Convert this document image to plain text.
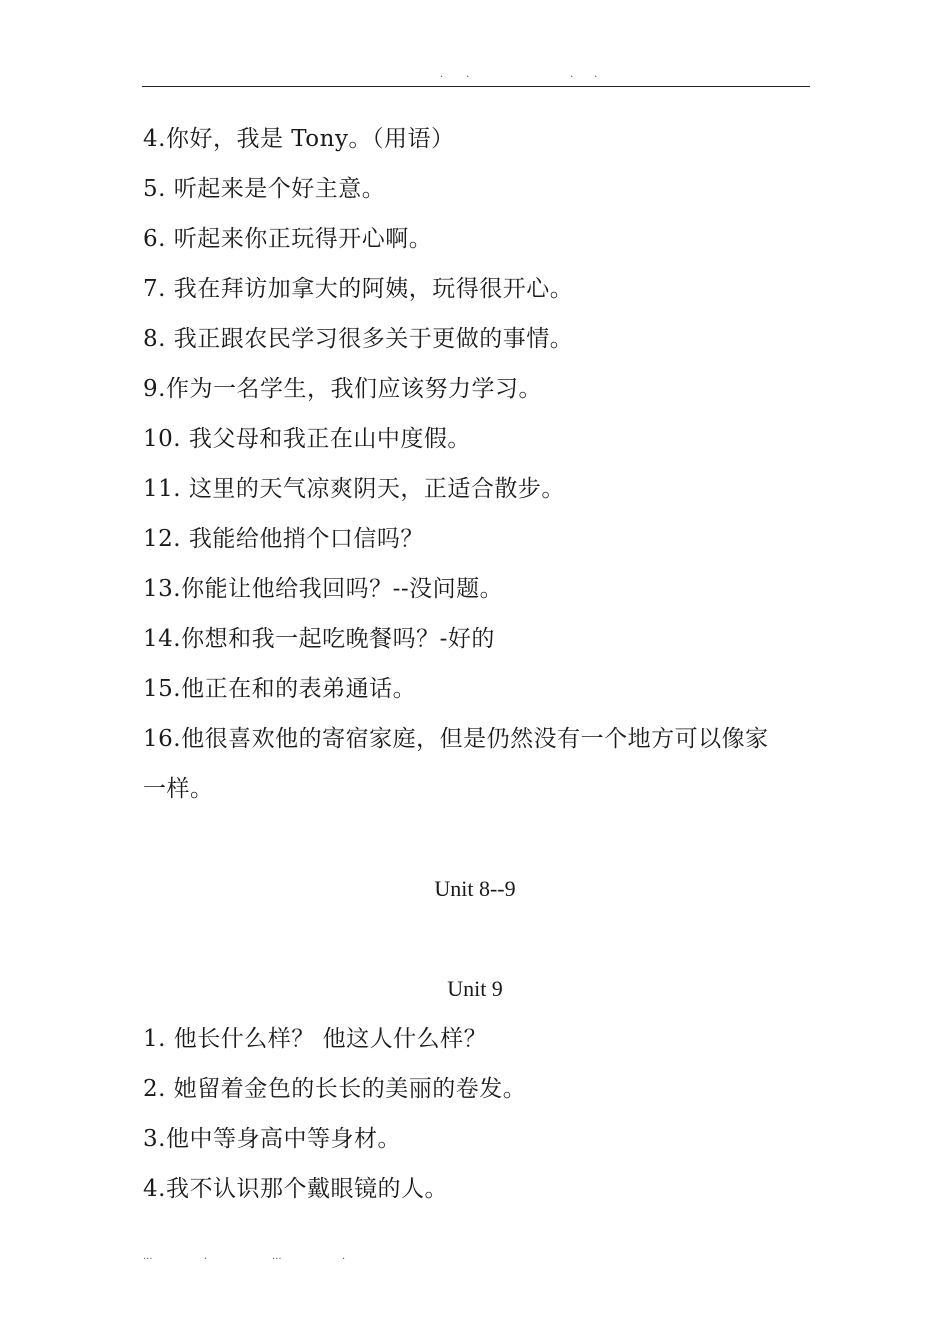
. .	. .
4.你好，我是 Tony。（用语）
5. 听起来是个好主意。
6. 听起来你正玩得开心啊。
7. 我在拜访加拿大的阿姨，玩得很开心。
8. 我正跟农民学习很多关于更做的事情。
9.作为一名学生，我们应该努力学习。
10. 我父母和我正在山中度假。
11. 这里的天气凉爽阴天，正适合散步。
12. 我能给他捎个口信吗？
13.你能让他给我回吗？--没问题。
14.你想和我一起吃晚餐吗？-好的
15.他正在和的表弟通话。
16.他很喜欢他的寄宿家庭，但是仍然没有一个地方可以像家
一样。
Unit 8--9
Unit 9
1. 他长什么样？ 他这人什么样？
2. 她留着金色的长长的美丽的卷发。
3.他中等身高中等身材。
4.我不认识那个戴眼镜的人。
...	.	...	.
